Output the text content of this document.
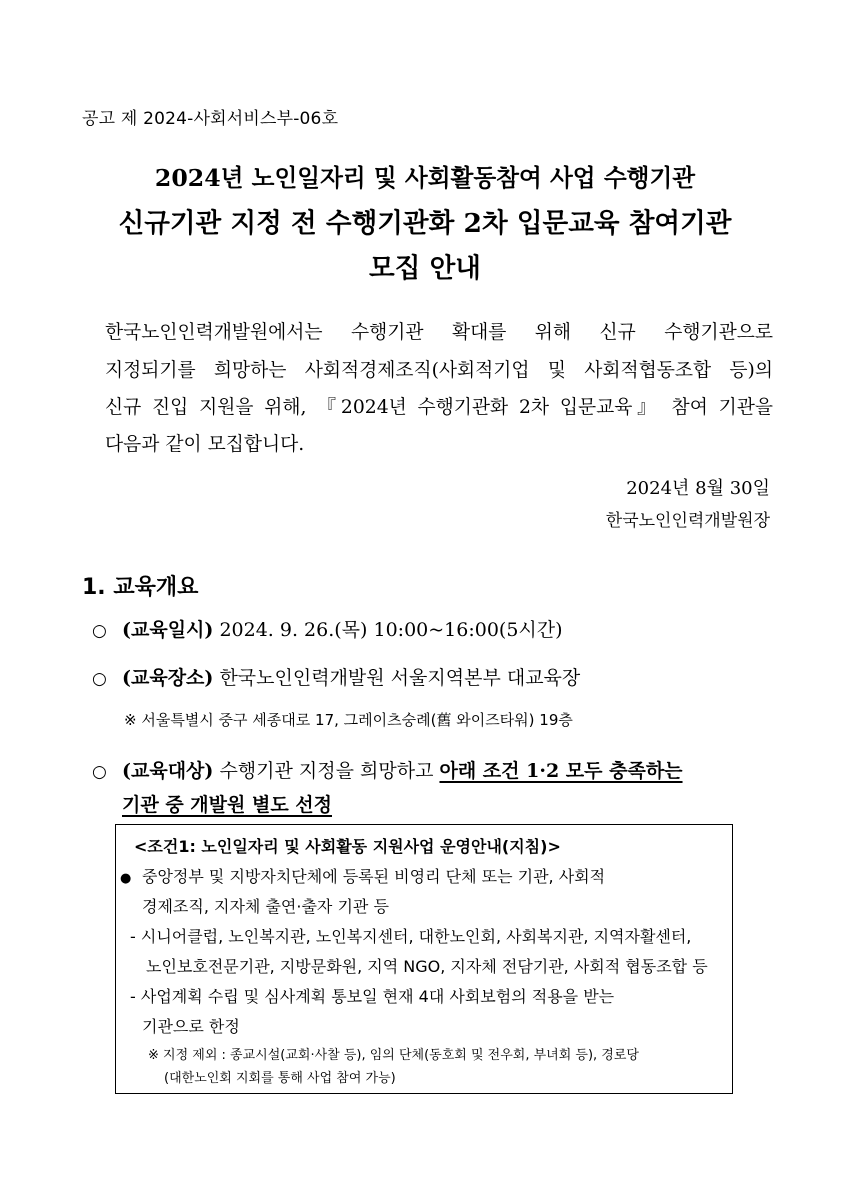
공고 제 2024-사회서비스부-06호
2024년 노인일자리 및 사회활동참여 사업 수행기관
신규기관 지정 전 수행기관화 2차 입문교육 참여기관
모집 안내
한국노인인력개발원에서는 수행기관 확대를 위해 신규 수행기관으로
지정되기를 희망하는 사회적경제조직(사회적기업 및 사회적협동조합 등)의
신규 진입 지원을 위해, 『2024년 수행기관화 2차 입문교육』 참여 기관을
다음과 같이 모집합니다.
2024년 8월 30일
한국노인인력개발원장
1. 교육개요
○ (교육일시) 2024. 9. 26.(목) 10:00~16:00(5시간)
○ (교육장소) 한국노인인력개발원 서울지역본부 대교육장
※ 서울특별시 중구 세종대로 17, 그레이츠숭례(舊 와이즈타워) 19층
○ (교육대상) 수행기관 지정을 희망하고 아래 조건 1·2 모두 충족하는
기관 중 개발원 별도 선정
<조건1: 노인일자리 및 사회활동 지원사업 운영안내(지침)>
● 중앙정부 및 지방자치단체에 등록된 비영리 단체 또는 기관, 사회적
경제조직, 지자체 출연·출자 기관 등
- 시니어클럽, 노인복지관, 노인복지센터, 대한노인회, 사회복지관, 지역자활센터,
노인보호전문기관, 지방문화원, 지역 NGO, 지자체 전담기관, 사회적 협동조합 등
- 사업계획 수립 및 심사계획 통보일 현재 4대 사회보험의 적용을 받는
기관으로 한정
※ 지정 제외 : 종교시설(교회·사찰 등), 임의 단체(동호회 및 전우회, 부녀회 등), 경로당
(대한노인회 지회를 통해 사업 참여 가능)
